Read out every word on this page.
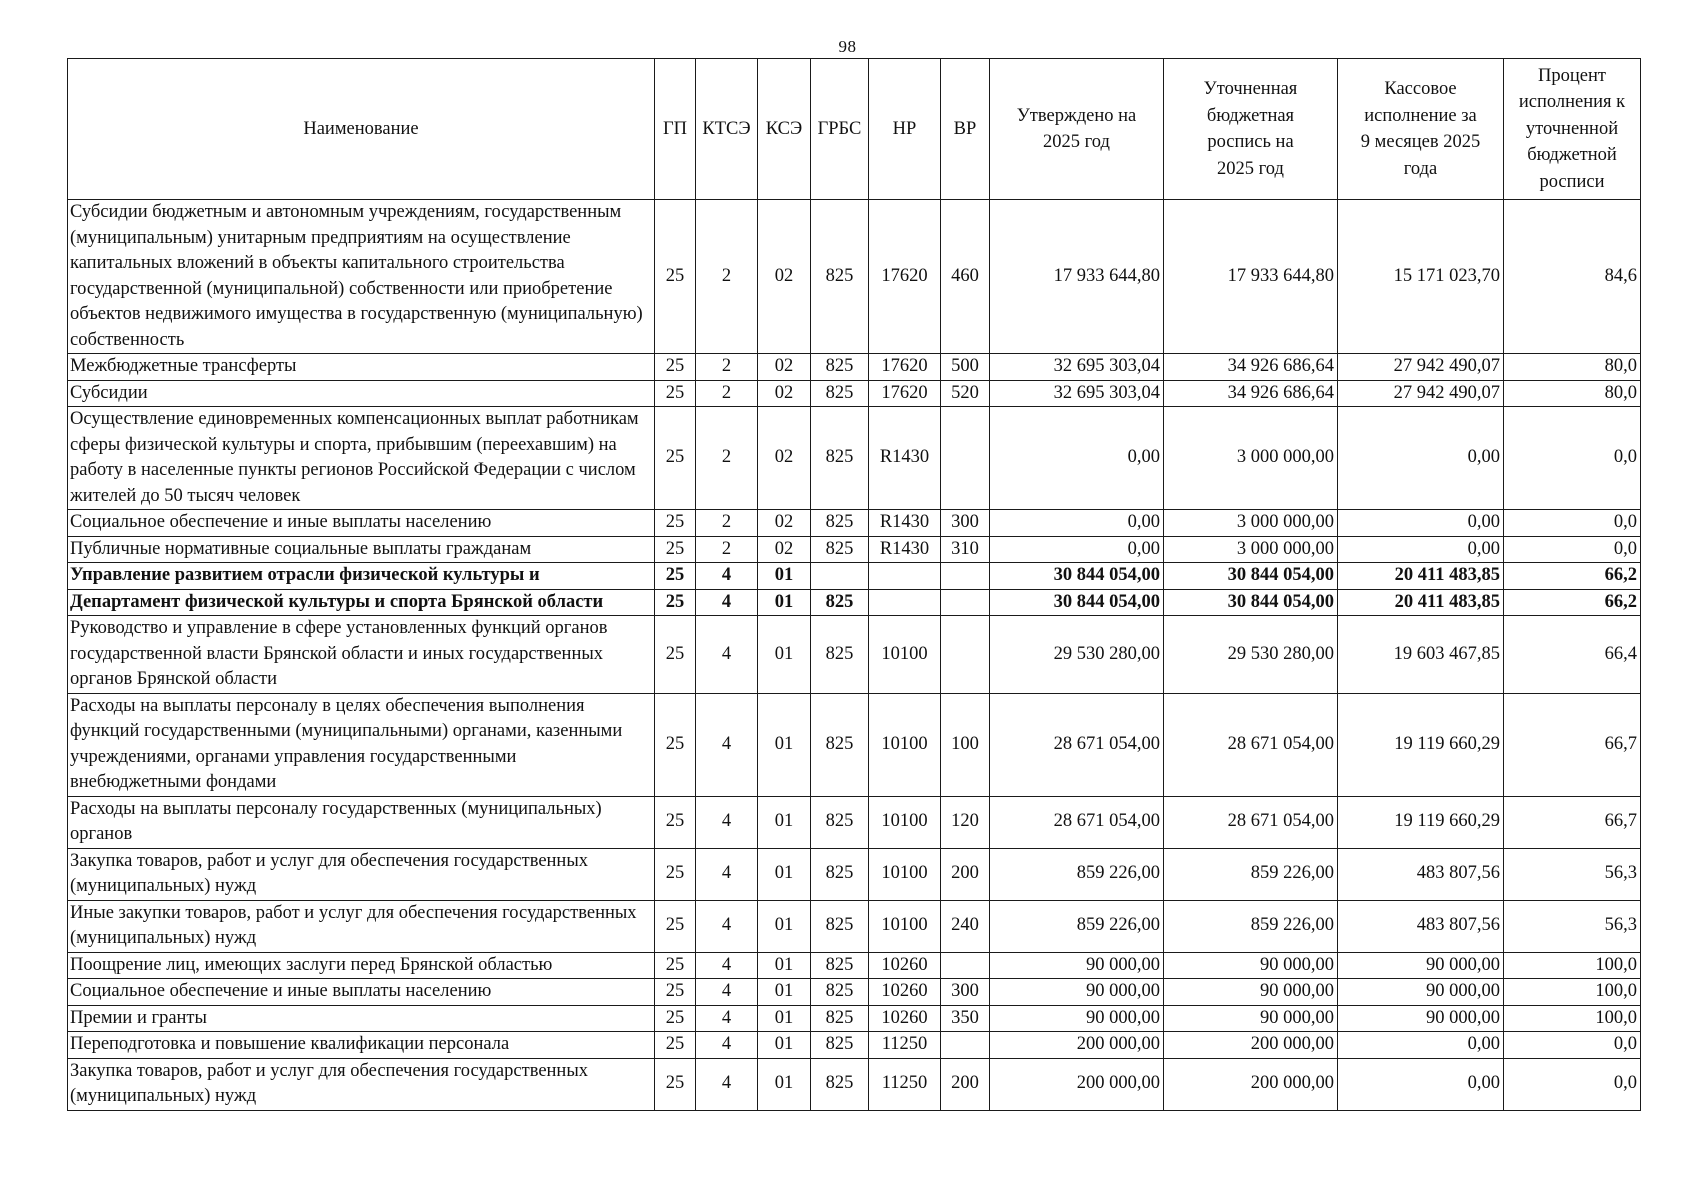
98
Наименование	ГП	КТСЭ	КСЭ	ГРБС	НР	ВР	Утверждено на 2025 год	Уточненная бюджетная роспись на 2025 год	Кассовое исполнение за 9 месяцев 2025 года	Процент исполнения к уточненной бюджетной росписи
Субсидии бюджетным и автономным учреждениям, государственным (муниципальным) унитарным предприятиям на осуществление капитальных вложений в объекты капитального строительства государственной (муниципальной) собственности или приобретение объектов недвижимого имущества в государственную (муниципальную) собственность	25	2	02	825	17620	460	17 933 644,80	17 933 644,80	15 171 023,70	84,6
Межбюджетные трансферты	25	2	02	825	17620	500	32 695 303,04	34 926 686,64	27 942 490,07	80,0
Субсидии	25	2	02	825	17620	520	32 695 303,04	34 926 686,64	27 942 490,07	80,0
Осуществление единовременных компенсационных выплат работникам сферы физической культуры и спорта, прибывшим (переехавшим) на работу в населенные пункты регионов Российской Федерации с числом жителей до 50 тысяч человек	25	2	02	825	R1430		0,00	3 000 000,00	0,00	0,0
Социальное обеспечение и иные выплаты населению	25	2	02	825	R1430	300	0,00	3 000 000,00	0,00	0,0
Публичные нормативные социальные выплаты гражданам	25	2	02	825	R1430	310	0,00	3 000 000,00	0,00	0,0
Управление развитием отрасли физической культуры и	25	4	01				30 844 054,00	30 844 054,00	20 411 483,85	66,2
Департамент физической культуры и спорта Брянской области	25	4	01	825			30 844 054,00	30 844 054,00	20 411 483,85	66,2
Руководство и управление в сфере установленных функций органов государственной власти Брянской области и иных государственных органов Брянской области	25	4	01	825	10100		29 530 280,00	29 530 280,00	19 603 467,85	66,4
Расходы на выплаты персоналу в целях обеспечения выполнения функций государственными (муниципальными) органами, казенными учреждениями, органами управления государственными внебюджетными фондами	25	4	01	825	10100	100	28 671 054,00	28 671 054,00	19 119 660,29	66,7
Расходы на выплаты персоналу государственных (муниципальных) органов	25	4	01	825	10100	120	28 671 054,00	28 671 054,00	19 119 660,29	66,7
Закупка товаров, работ и услуг для обеспечения государственных (муниципальных) нужд	25	4	01	825	10100	200	859 226,00	859 226,00	483 807,56	56,3
Иные закупки товаров, работ и услуг для обеспечения государственных (муниципальных) нужд	25	4	01	825	10100	240	859 226,00	859 226,00	483 807,56	56,3
Поощрение лиц, имеющих заслуги перед Брянской областью	25	4	01	825	10260		90 000,00	90 000,00	90 000,00	100,0
Социальное обеспечение и иные выплаты населению	25	4	01	825	10260	300	90 000,00	90 000,00	90 000,00	100,0
Премии и гранты	25	4	01	825	10260	350	90 000,00	90 000,00	90 000,00	100,0
Переподготовка и повышение квалификации персонала	25	4	01	825	11250		200 000,00	200 000,00	0,00	0,0
Закупка товаров, работ и услуг для обеспечения государственных (муниципальных) нужд	25	4	01	825	11250	200	200 000,00	200 000,00	0,00	0,0
